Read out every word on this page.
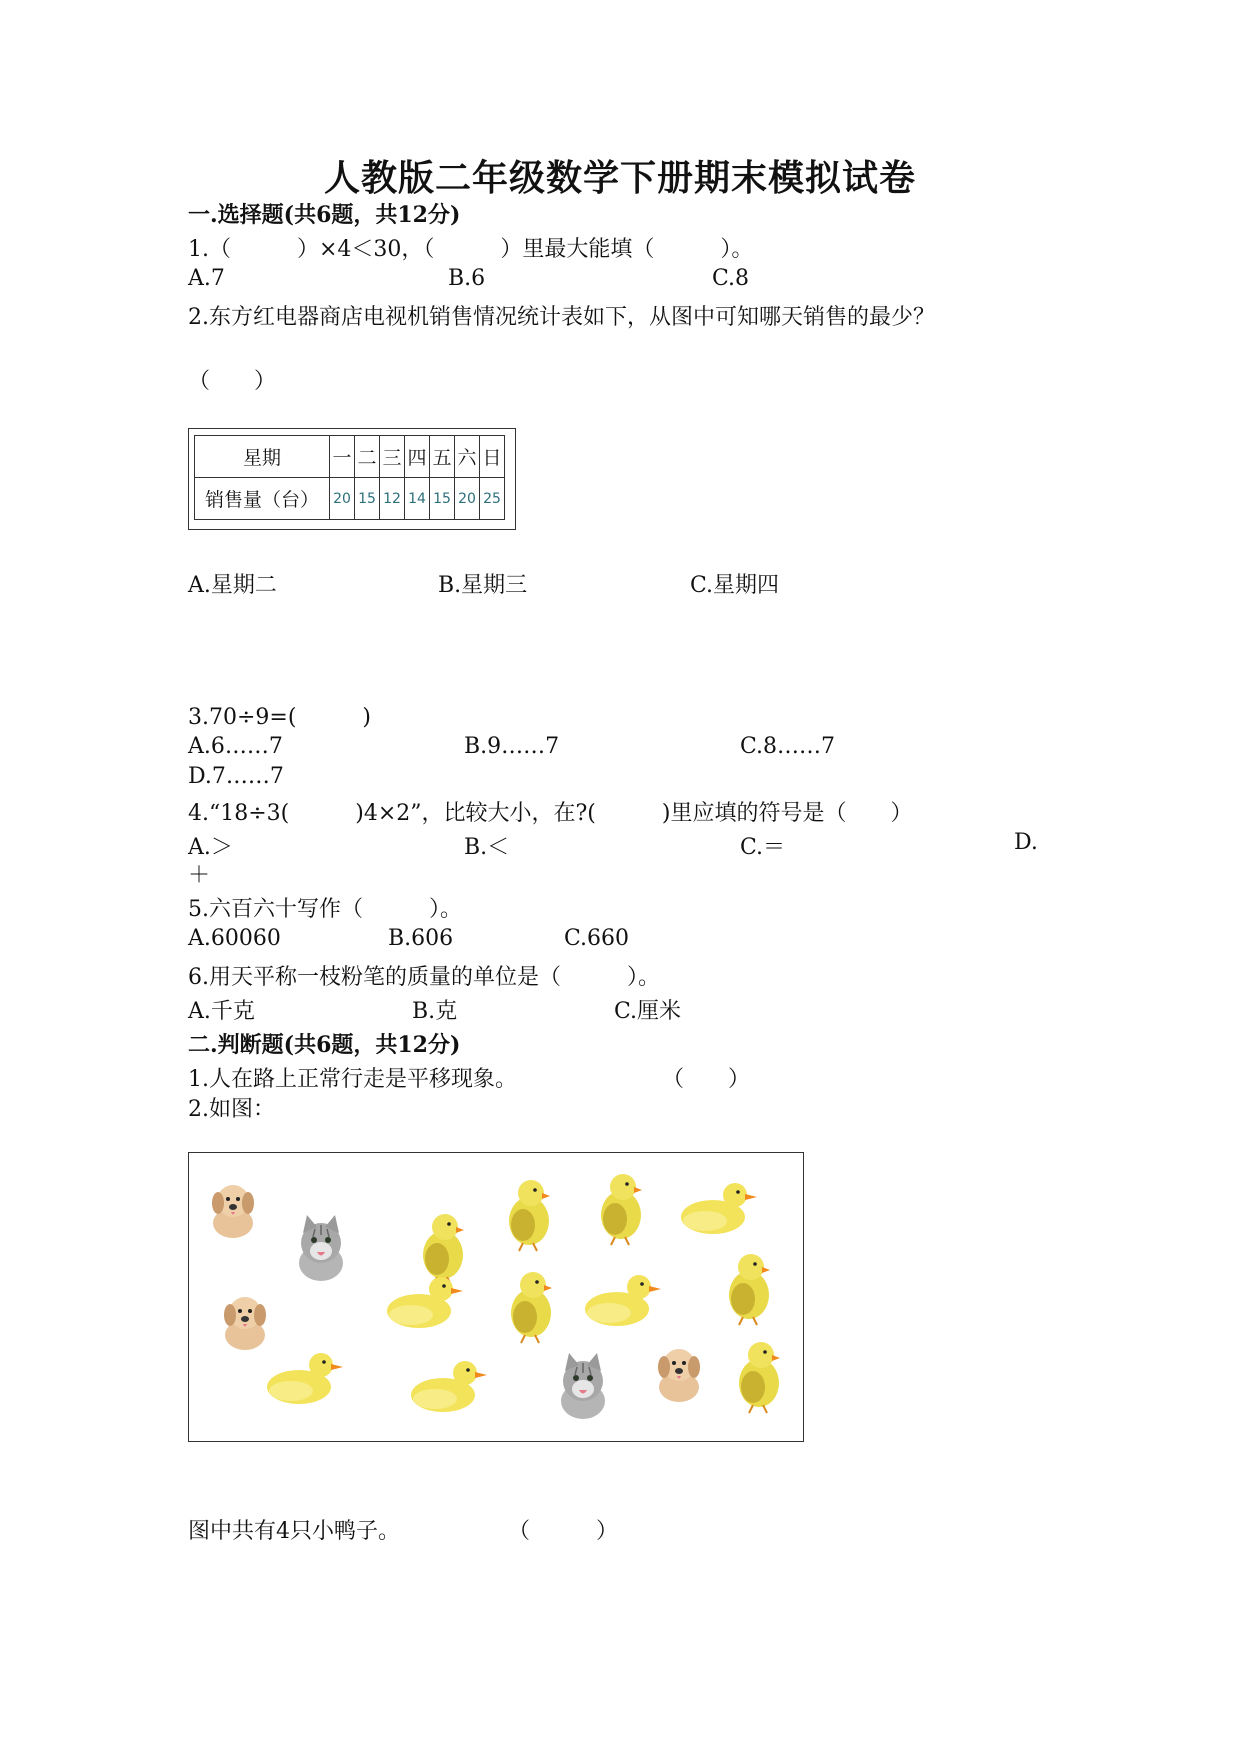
人教版二年级数学下册期末模拟试卷
一.选择题(共6题，共12分)
1.（　　　）×4＜30，（　　　）里最大能填（　　　）。
A.7	B.6	C.8
2.东方红电器商店电视机销售情况统计表如下，从图中可知哪天销售的最少？
（　　）
星期	一	二	三	四	五	六	日
销售量（台）	20	15	12	14	15	20	25
A.星期二	B.星期三	C.星期四
3.70÷9=(　　　)
A.6……7	B.9……7	C.8……7
D.7……7
4.“18÷3(　　　)4×2”，比较大小，在?(　　　)里应填的符号是（　　）
A.＞	B.＜	C.＝	D.
＋
5.六百六十写作（　　　）。
A.60060	B.606	C.660
6.用天平称一枝粉笔的质量的单位是（　　　）。
A.千克	B.克	C.厘米
二.判断题(共6题，共12分)
1.人在路上正常行走是平移现象。	（　　）
2.如图：
图中共有4只小鸭子。	（　　　）
